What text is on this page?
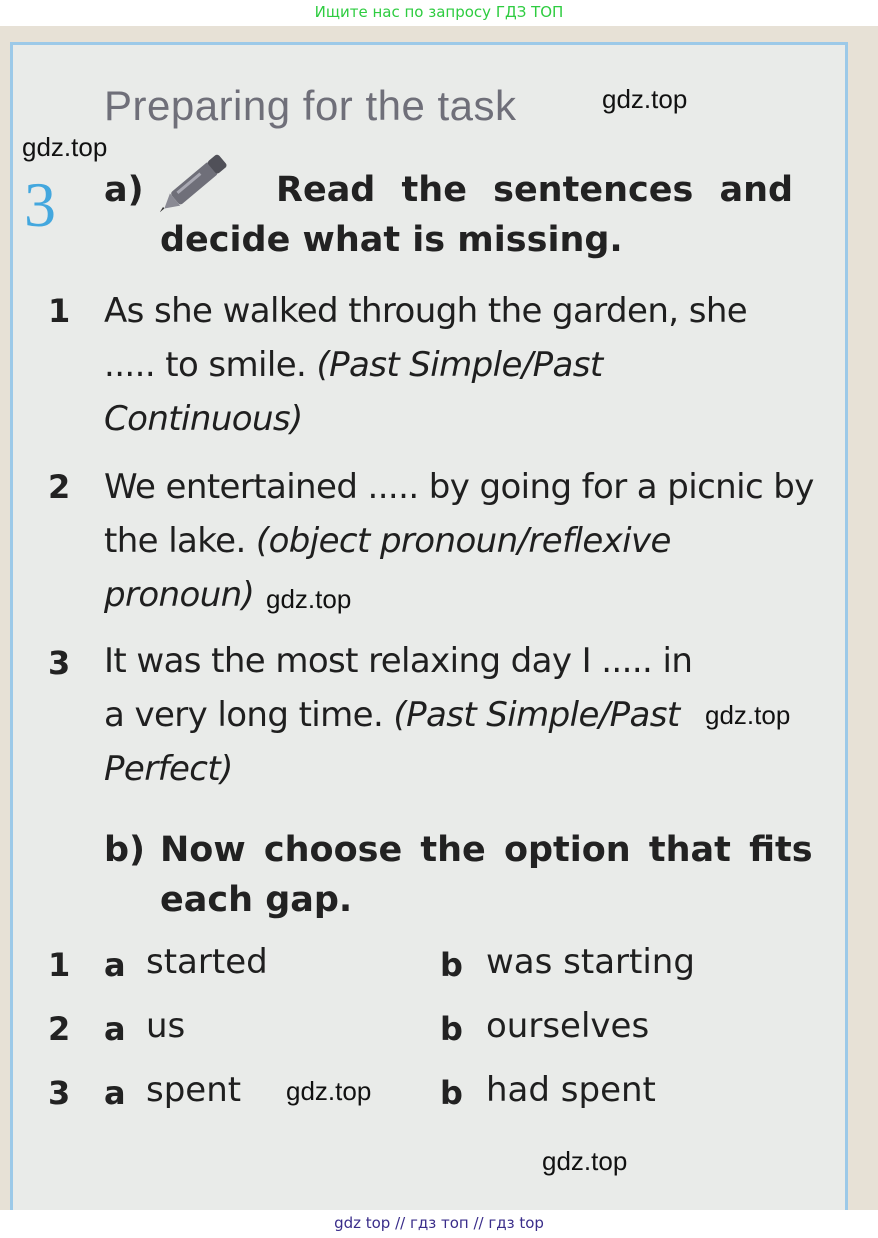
Ищите нас по запросу ГДЗ ТОП
Preparing for the task	gdz.top
gdz.top
3 a)	Read the sentences and
decide what is missing.
1 As she walked through the garden, she ..... to smile. (Past Simple/Past Continuous)
2 We entertained ..... by going for a picnic by the lake. (object pronoun/reflexive pronoun) gdz.top
3 It was the most relaxing day I ..... in a very long time. (Past Simple/Past Perfect)
gdz.top
b) Now choose the option that fits
each gap.
1 a started	b was starting
2 a us	b ourselves
3 a spent gdz.top b had spent
gdz.top
gdz top // гдз топ // гдз top
